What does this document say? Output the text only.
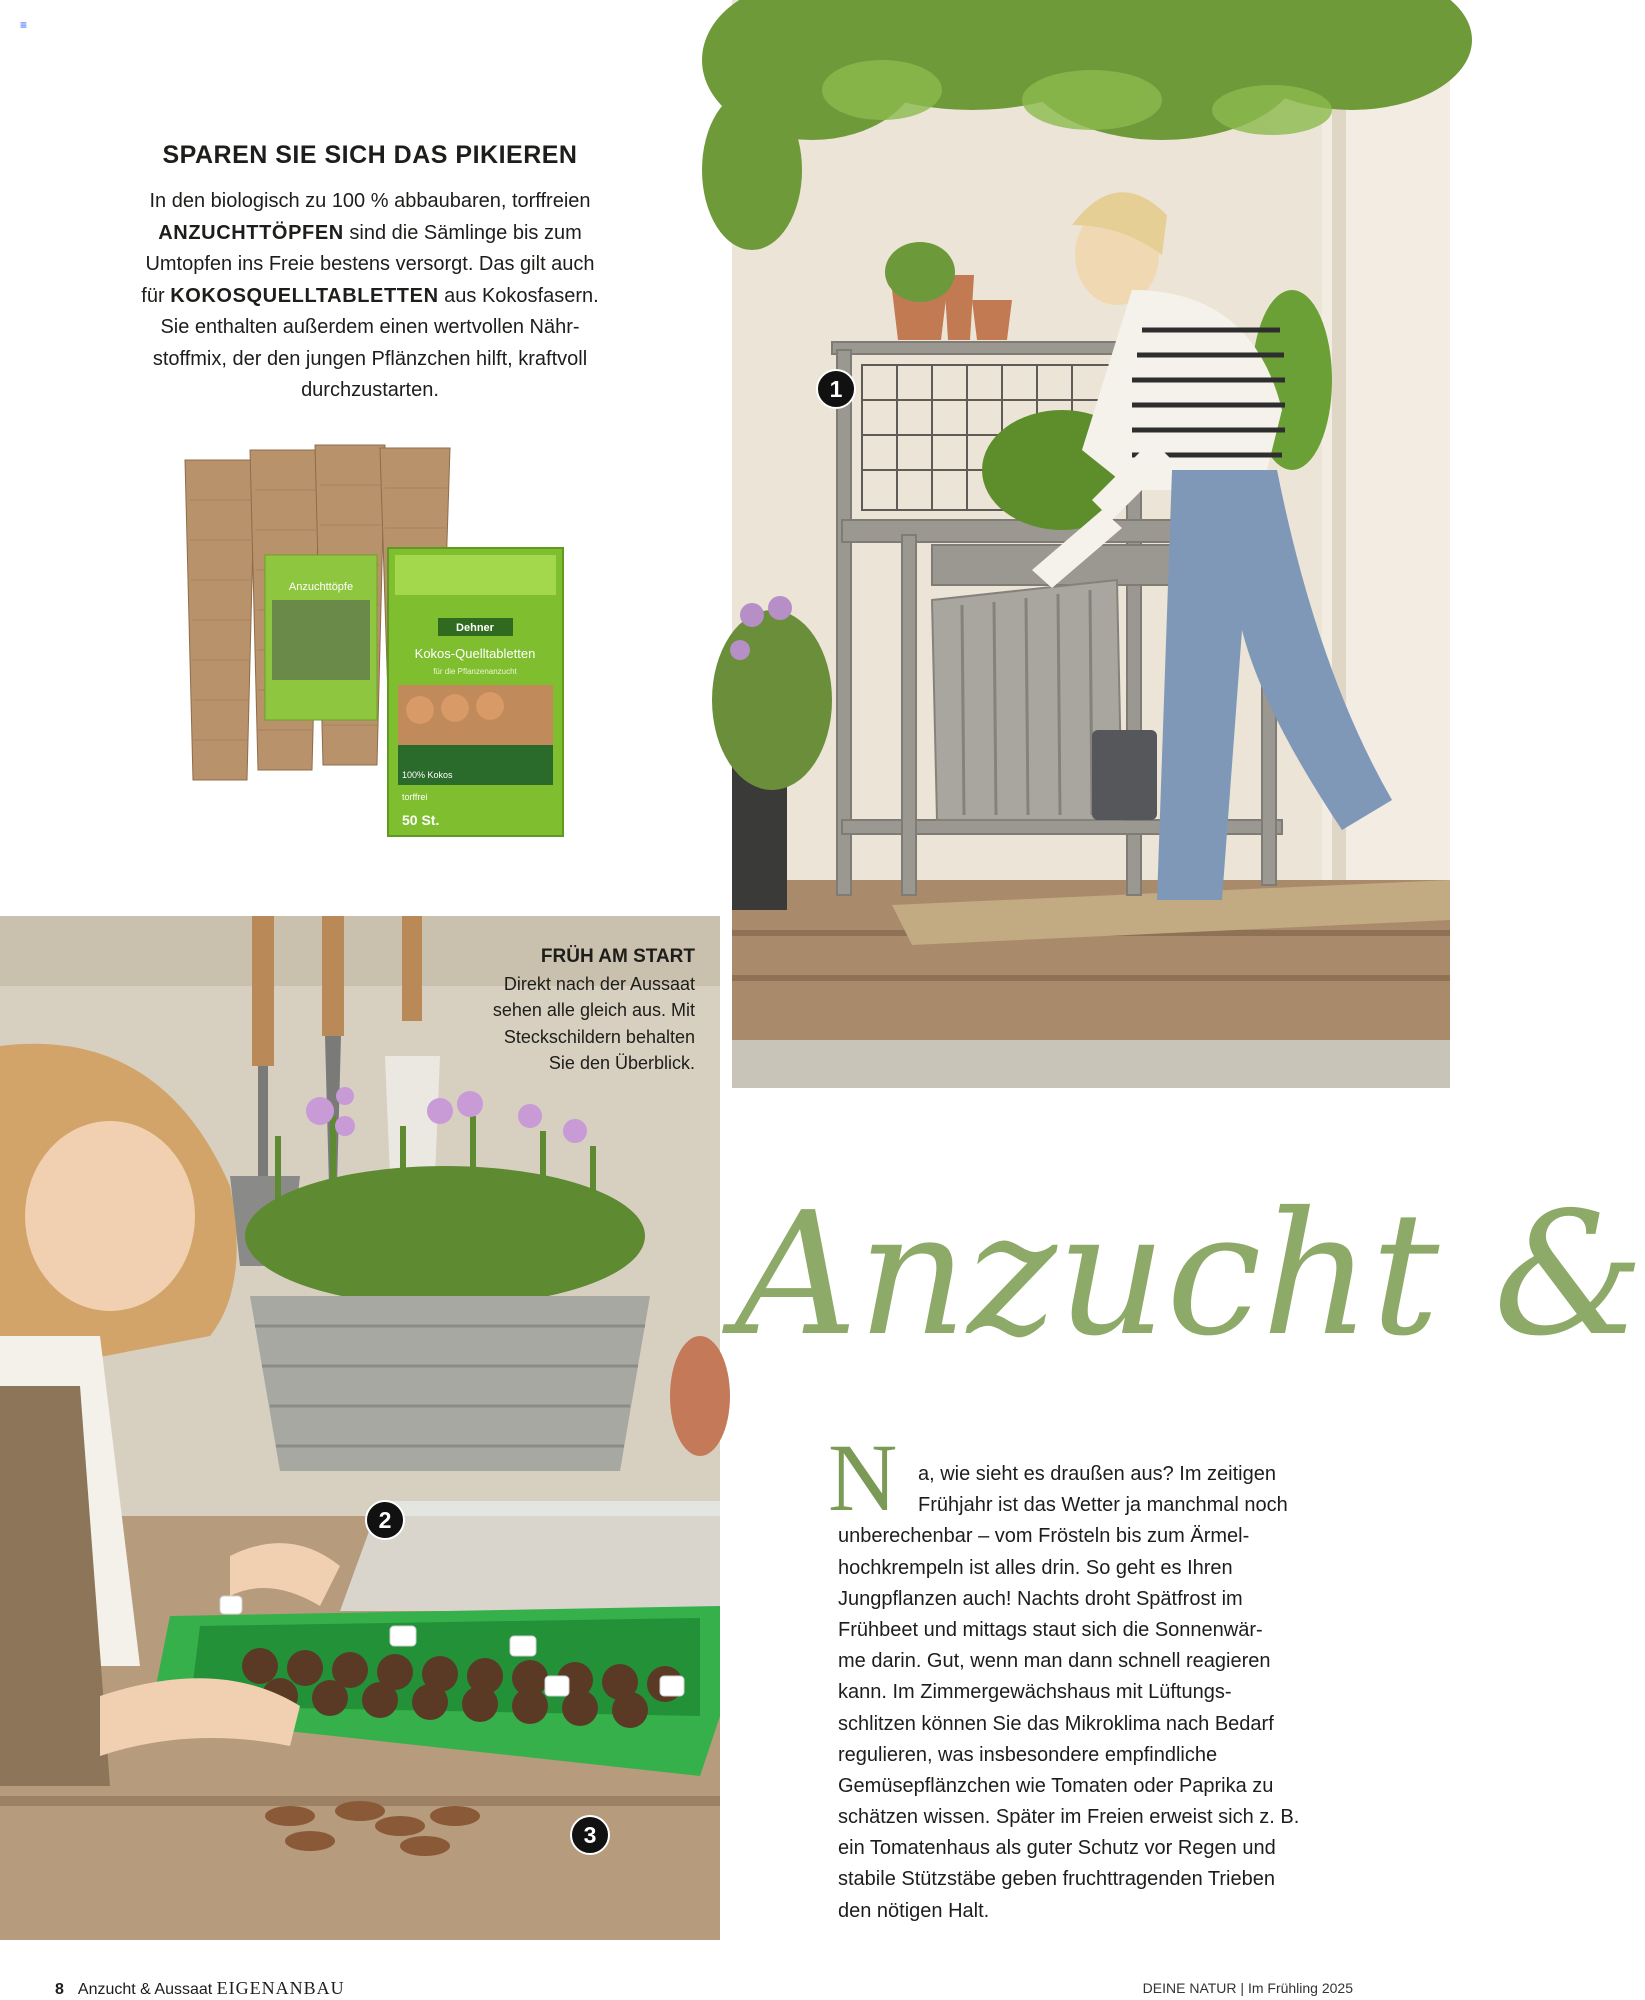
≡
SPAREN SIE SICH DAS PIKIEREN
In den biologisch zu 100 % abbaubaren, torffreien
ANZUCHTTÖPFEN sind die Sämlinge bis zum
Umtopfen ins Freie bestens versorgt. Das gilt auch
für KOKOSQUELLTABLETTEN aus Kokosfasern.
Sie enthalten außerdem einen wertvollen Nähr-
stoffmix, der den jungen Pflänzchen hilft, kraftvoll
durchzustarten.
Anzuchttöpfe
Dehner
Kokos-Quelltabletten
für die Pflanzenanzucht
100% Kokos
torffrei
50 St.
FRÜH AM START
Direkt nach der Aussaat
sehen alle gleich aus. Mit
Steckschildern behalten
Sie den Überblick.
1
2
3
Anzucht &
N	a, wie sieht es draußen aus? Im zeitigen
Frühjahr ist das Wetter ja manchmal noch
unberechenbar – vom Frösteln bis zum Ärmel-
hochkrempeln ist alles drin. So geht es Ihren
Jungpflanzen auch! Nachts droht Spätfrost im
Frühbeet und mittags staut sich die Sonnenwär-
me darin. Gut, wenn man dann schnell reagieren
kann. Im Zimmergewächshaus mit Lüftungs-
schlitzen können Sie das Mikroklima nach Bedarf
regulieren, was insbesondere empfindliche
Gemüsepflänzchen wie Tomaten oder Paprika zu
schätzen wissen. Später im Freien erweist sich z. B.
ein Tomatenhaus als guter Schutz vor Regen und
stabile Stützstäbe geben fruchttragenden Trieben
den nötigen Halt.
8 Anzucht & Aussaat EIGENANBAU	DEINE NATUR | Im Frühling 2025
